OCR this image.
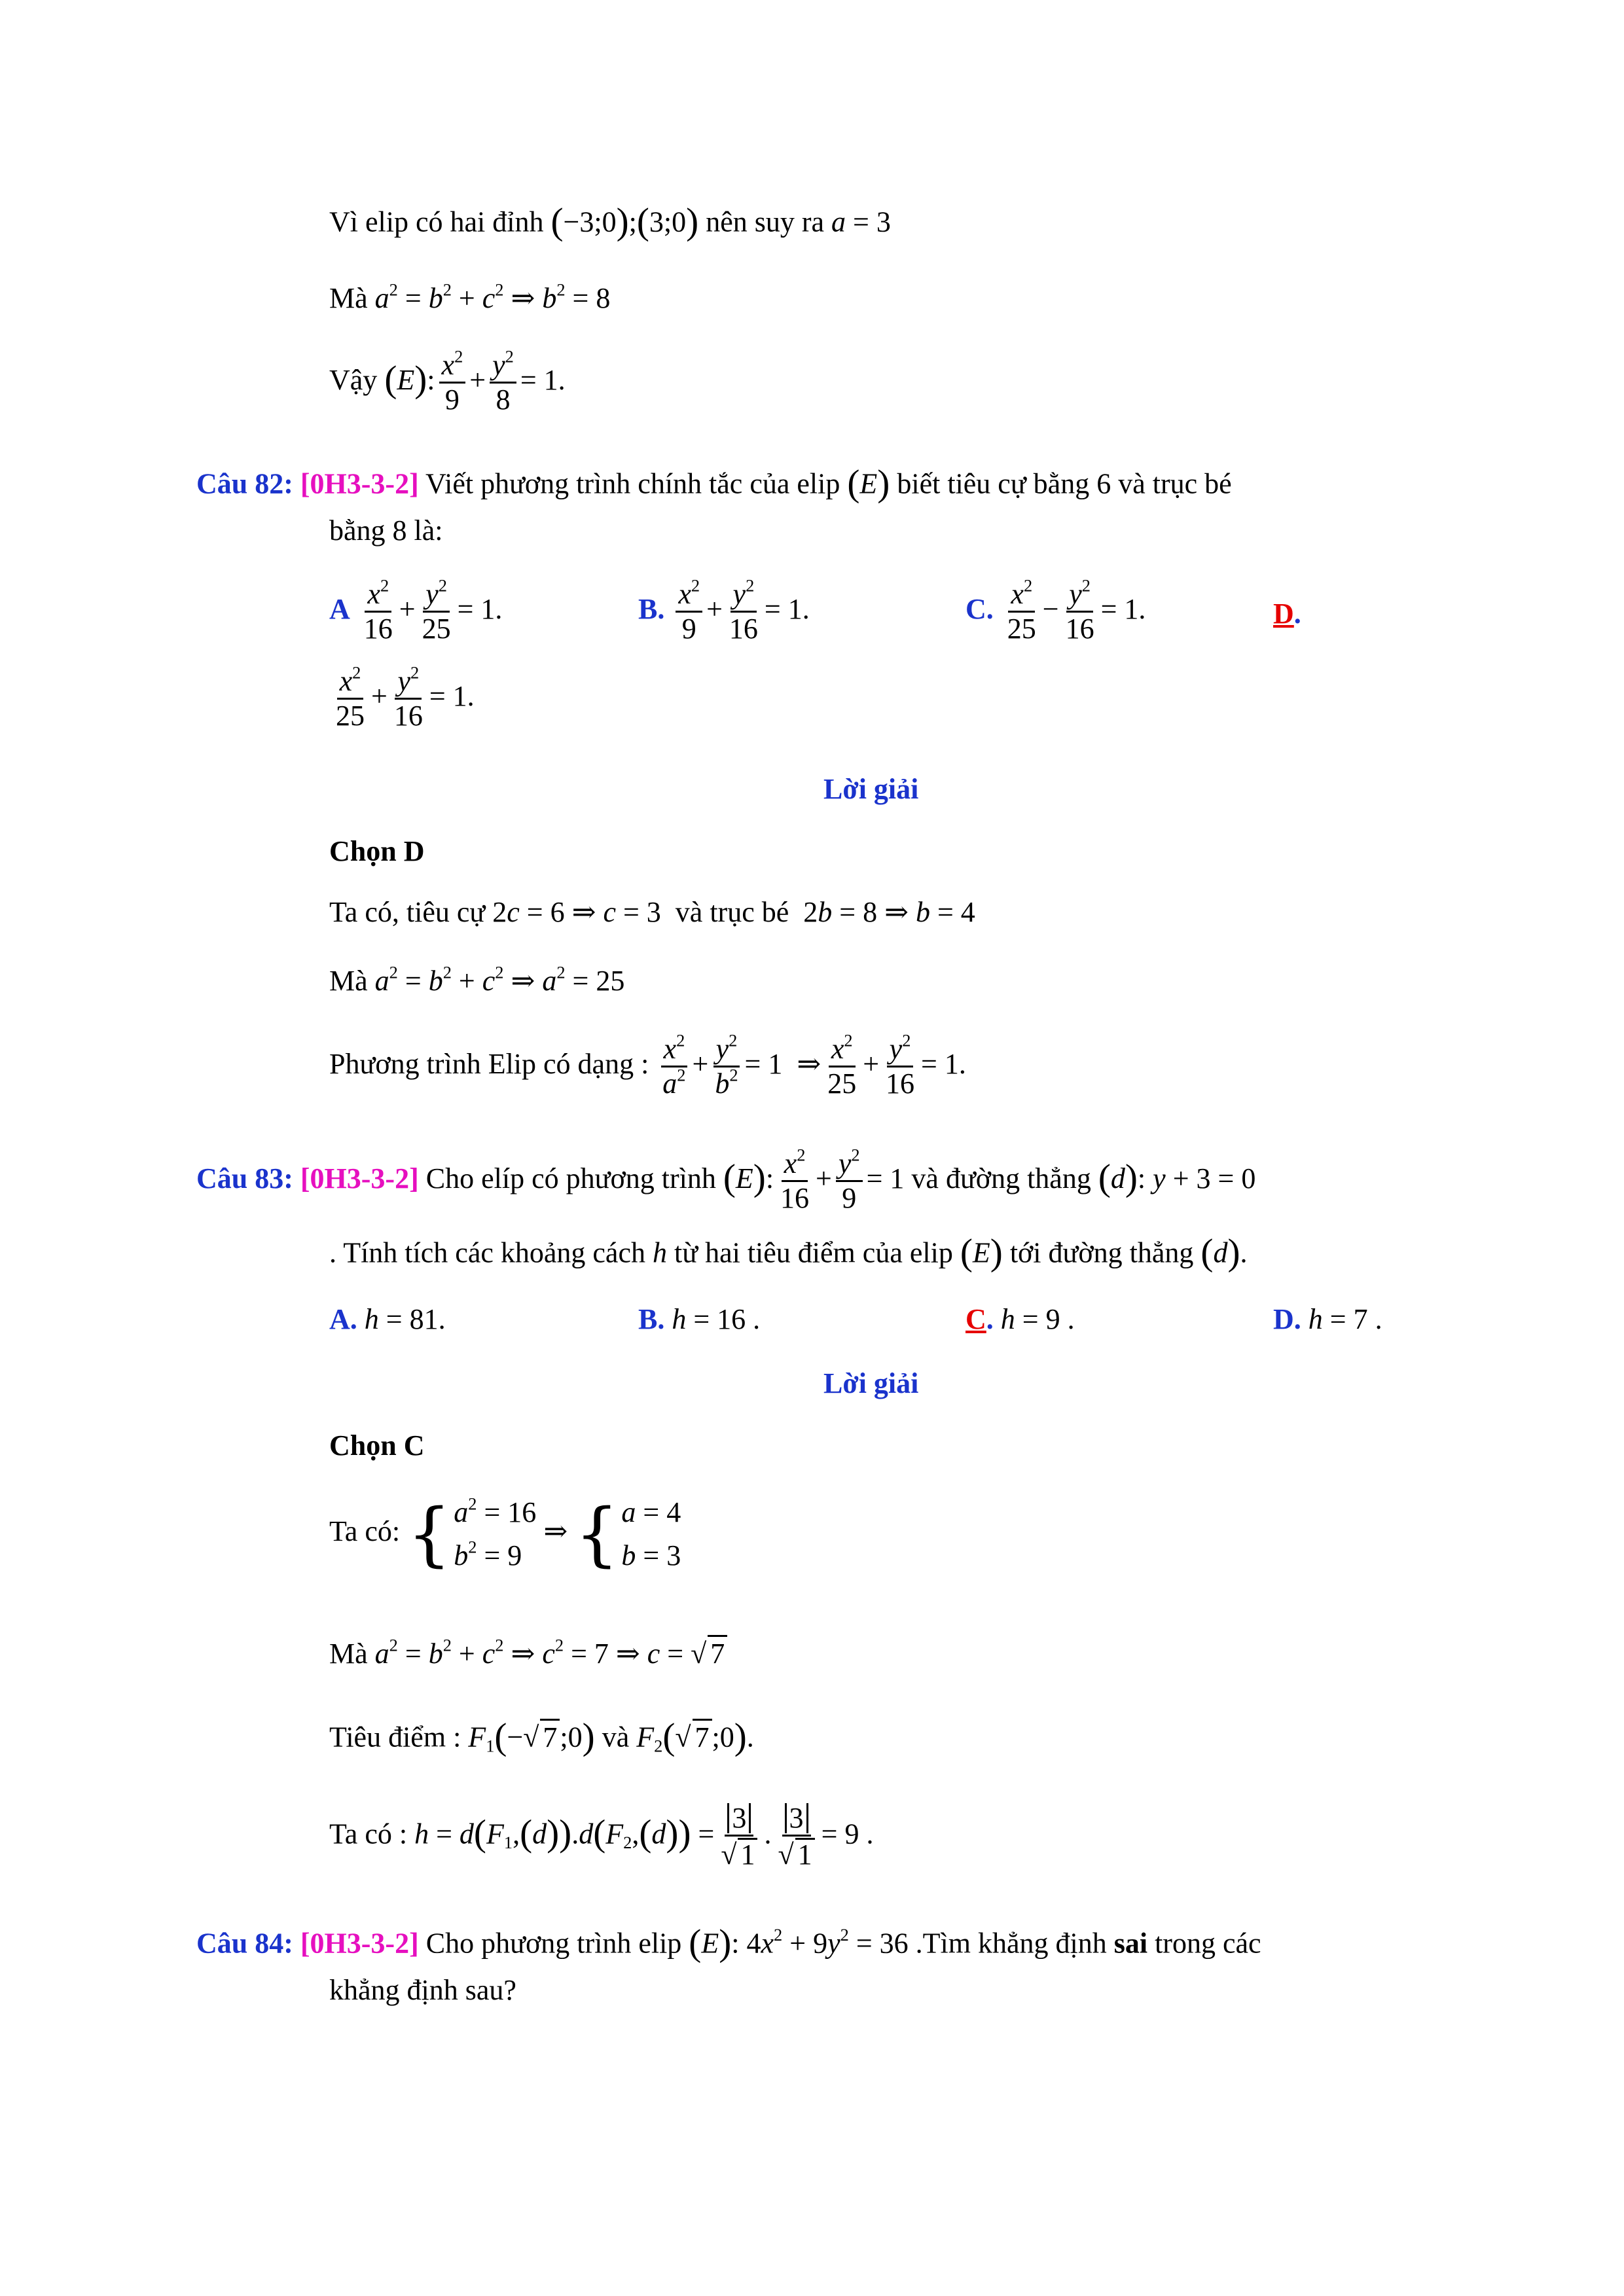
Vì elip có hai đỉnh (−3;0);(3;0) nên suy ra a = 3
Mà $a^2 = b^2 + c^2$ ⇒ $b^2 = 8$
Vậy (E): $\frac{x^2}{9} + \frac{y^2}{8} = 1$.
Câu 82: [0H3-3-2] Viết phương trình chính tắc của elip (E) biết tiêu cự bằng 6 và trục bé
bằng 8 là:
A $\frac{x^2}{16} + \frac{y^2}{25} = 1$.	B. $\frac{x^2}{9} + \frac{y^2}{16} = 1$.	C. $\frac{x^2}{25} - \frac{y^2}{16} = 1$.	D.
$\frac{x^2}{25} + \frac{y^2}{16} = 1$.
Lời giải
Chọn D
Ta có, tiêu cự 2c = 6 ⇒ c = 3  và trục bé  2b = 8 ⇒ b = 4
Mà $a^2 = b^2 + c^2$ ⇒ $a^2 = 25$
Phương trình Elip có dạng : $\frac{x^2}{a^2} + \frac{y^2}{b^2} = 1$  ⇒ $\frac{x^2}{25} + \frac{y^2}{16} = 1$.
Câu 83: [0H3-3-2] Cho elíp có phương trình (E): $\frac{x^2}{16} + \frac{y^2}{9} = 1$ và đường thẳng (d): y + 3 = 0
. Tính tích các khoảng cách h từ hai tiêu điểm của elip (E) tới đường thẳng (d).
A. h = 81.	B. h = 16 .	C. h = 9 .	D. h = 7 .
Lời giải
Chọn C
Ta có: { $a^2 = 16$
$b^2 = 9$
⇒ { a = 4
b = 3
Mà $a^2 = b^2 + c^2$ ⇒ $c^2 = 7$ ⇒ c = √ 7
Tiêu điểm : $F_1(-√$ 7;0) và $F_2(√$ 7;0).
Ta có : $h = d(F_1,(d)).d(F_2,(d)) = \frac{3}{√ 1}$ . $\frac{3}{√ 1} = 9$ .
Câu 84: [0H3-3-2] Cho phương trình elip (E): $4x^2 + 9y^2 = 36$ .Tìm khẳng định sai trong các
khẳng định sau?
